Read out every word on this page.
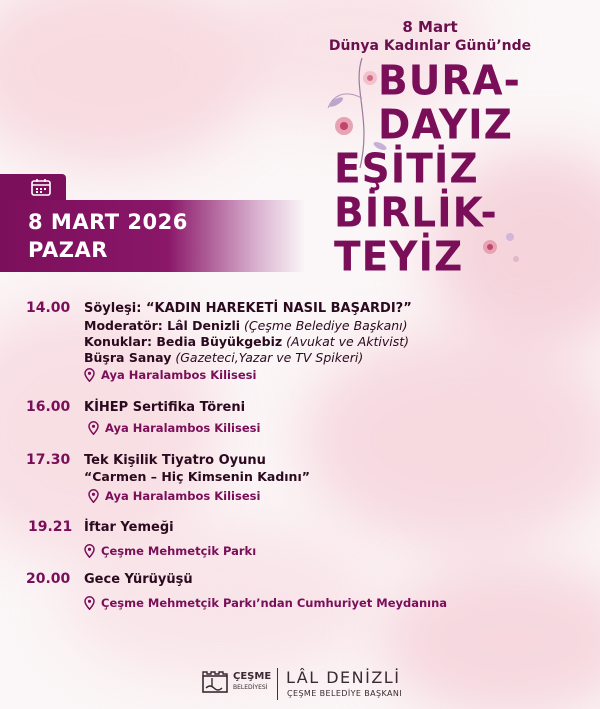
8 Mart
Dünya Kadınlar Günü’nde
BURA-
DAYIZ
EŞİTİZ
BİRLİK-
TEYİZ
8 MART 2026
PAZAR
14.00 Söyleşi: “KADIN HAREKETİ NASIL BAŞARDI?”
Moderatör: Lâl Denizli (Çeşme Belediye Başkanı)
Konuklar: Bedia Büyükgebiz (Avukat ve Aktivist)
Büşra Sanay (Gazeteci,Yazar ve TV Spikeri)
Aya Haralambos Kilisesi
16.00 KİHEP Sertifika Töreni
Aya Haralambos Kilisesi
17.30 Tek Kişilik Tiyatro Oyunu
“Carmen – Hiç Kimsenin Kadını”
Aya Haralambos Kilisesi
19.21 İftar Yemeği
Çeşme Mehmetçik Parkı
20.00 Gece Yürüyüşü
Çeşme Mehmetçik Parkı’ndan Cumhuriyet Meydanına
ÇEŞME
BELEDİYESİ
LÂL DENİZLİ
ÇEŞME BELEDİYE BAŞKANI
